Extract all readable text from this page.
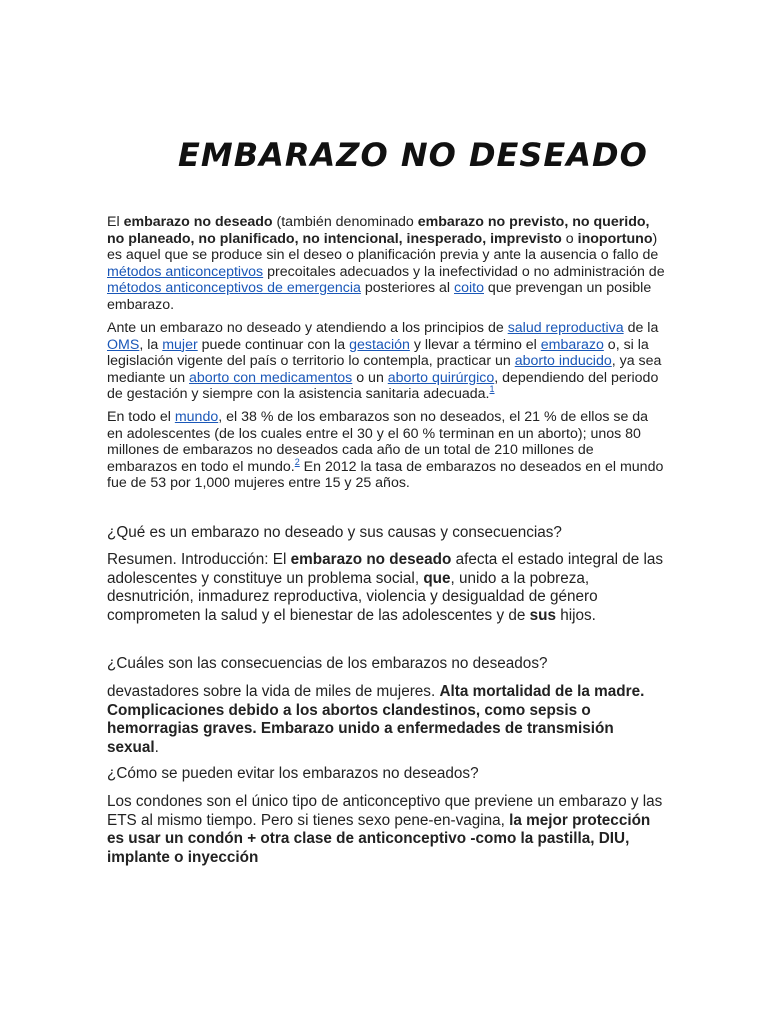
EMBARAZO NO DESEADO

El embarazo no deseado (también denominado embarazo no previsto, no querido, no planeado, no planificado, no intencional, inesperado, imprevisto o inoportuno) es aquel que se produce sin el deseo o planificación previa y ante la ausencia o fallo de métodos anticonceptivos precoitales adecuados y la inefectividad o no administración de métodos anticonceptivos de emergencia posteriores al coito que prevengan un posible embarazo.

Ante un embarazo no deseado y atendiendo a los principios de salud reproductiva de la OMS, la mujer puede continuar con la gestación y llevar a término el embarazo o, si la legislación vigente del país o territorio lo contempla, practicar un aborto inducido, ya sea mediante un aborto con medicamentos o un aborto quirúrgico, dependiendo del periodo de gestación y siempre con la asistencia sanitaria adecuada.$^1$

En todo el mundo, el 38 % de los embarazos son no deseados, el 21 % de ellos se da en adolescentes (de los cuales entre el 30 y el 60 % terminan en un aborto); unos 80 millones de embarazos no deseados cada año de un total de 210 millones de embarazos en todo el mundo.$^2$ En 2012 la tasa de embarazos no deseados en el mundo fue de 53 por 1,000 mujeres entre 15 y 25 años.

¿Qué es un embarazo no deseado y sus causas y consecuencias?

Resumen. Introducción: El embarazo no deseado afecta el estado integral de las adolescentes y constituye un problema social, que, unido a la pobreza, desnutrición, inmadurez reproductiva, violencia y desigualdad de género comprometen la salud y el bienestar de las adolescentes y de sus hijos.

¿Cuáles son las consecuencias de los embarazos no deseados?

devastadores sobre la vida de miles de mujeres. Alta mortalidad de la madre. Complicaciones debido a los abortos clandestinos, como sepsis o hemorragias graves. Embarazo unido a enfermedades de transmisión sexual.

¿Cómo se pueden evitar los embarazos no deseados?

Los condones son el único tipo de anticonceptivo que previene un embarazo y las ETS al mismo tiempo. Pero si tienes sexo pene-en-vagina, la mejor protección es usar un condón + otra clase de anticonceptivo -como la pastilla, DIU, implante o inyección
